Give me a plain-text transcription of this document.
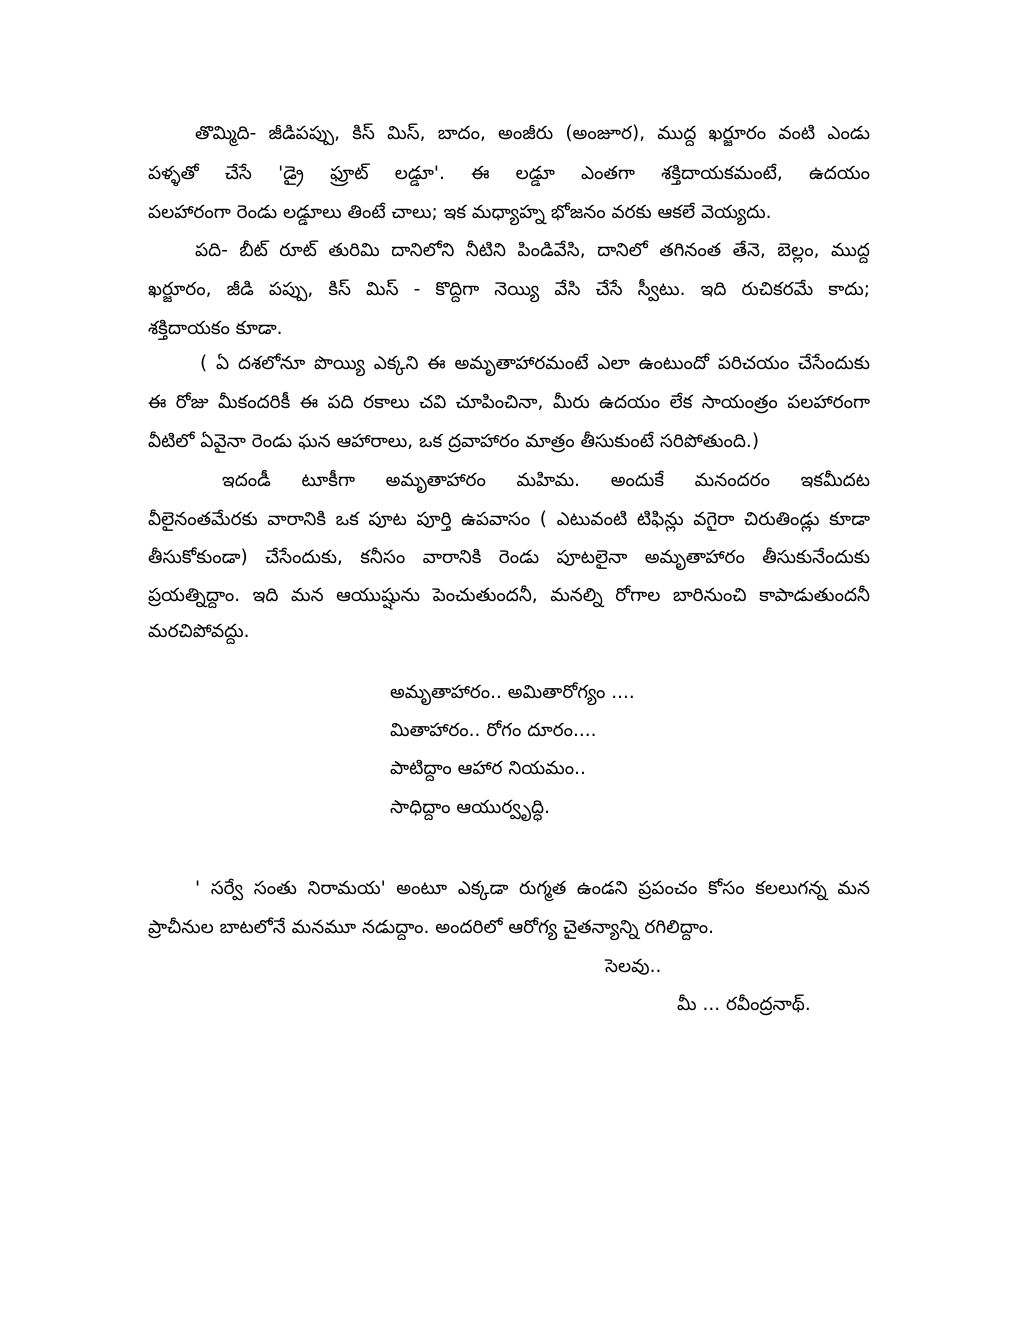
తొమ్మిది- జీడిపప్పు, కిస్ మిస్, బాదం, అంజీరు (అంజూర), ముద్ద ఖర్జూరం వంటి ఎండు
పళ్ళతో చేసే 'డ్రై ఫ్రూట్ లడ్డూ'. ఈ లడ్డూ ఎంతగా శక్తిదాయకమంటే, ఉదయం
పలహారంగా రెండు లడ్డూలు తింటే చాలు; ఇక మధ్యాహ్న భోజనం వరకు ఆకలే వెయ్యదు.
పది- బీట్ రూట్ తురిమి దానిలోని నీటిని పిండివేసి, దానిలో తగినంత తేనె, బెల్లం, ముద్ద
ఖర్జూరం, జీడి పప్పు, కిస్ మిస్ - కొద్దిగా నెయ్యి వేసి చేసే స్వీటు. ఇది రుచికరమే కాదు;
శక్తిదాయకం కూడా.
( ఏ దశలోనూ పొయ్యి ఎక్కని ఈ అమృతాహారమంటే ఎలా ఉంటుందో పరిచయం చేసేందుకు
ఈ రోజు మీకందరికీ ఈ పది రకాలు చవి చూపించినా, మీరు ఉదయం లేక సాయంత్రం పలహారంగా
వీటిలో ఏవైనా రెండు ఘన ఆహారాలు, ఒక ద్రవాహారం మాత్రం తీసుకుంటే సరిపోతుంది.)
ఇదండీ టూకీగా అమృతాహారం మహిమ. అందుకే మనందరం ఇకమీదట
వీలైనంతమేరకు వారానికి ఒక పూట పూర్తి ఉపవాసం ( ఎటువంటి టిఫిన్లు వగైరా చిరుతిండ్లు కూడా
తీసుకోకుండా) చేసేందుకు, కనీసం వారానికి రెండు పూటలైనా అమృతాహారం తీసుకునేందుకు
ప్రయత్నిద్దాం. ఇది మన ఆయుష్షును పెంచుతుందనీ, మనల్ని రోగాల బారినుంచి కాపాడుతుందనీ
మరచిపోవద్దు.
అమృతాహారం.. అమితారోగ్యం ....
మితాహారం.. రోగం దూరం....
పాటిద్దాం ఆహార నియమం..
సాధిద్దాం ఆయుర్వృద్ధి.
' సర్వే సంతు నిరామయ' అంటూ ఎక్కడా రుగ్మత ఉండని ప్రపంచం కోసం కలలుగన్న మన
ప్రాచీనుల బాటలోనే మనమూ నడుద్దాం. అందరిలో ఆరోగ్య చైతన్యాన్ని రగిలిద్దాం.
సెలవు..
మీ ... రవీంద్రనాథ్.
